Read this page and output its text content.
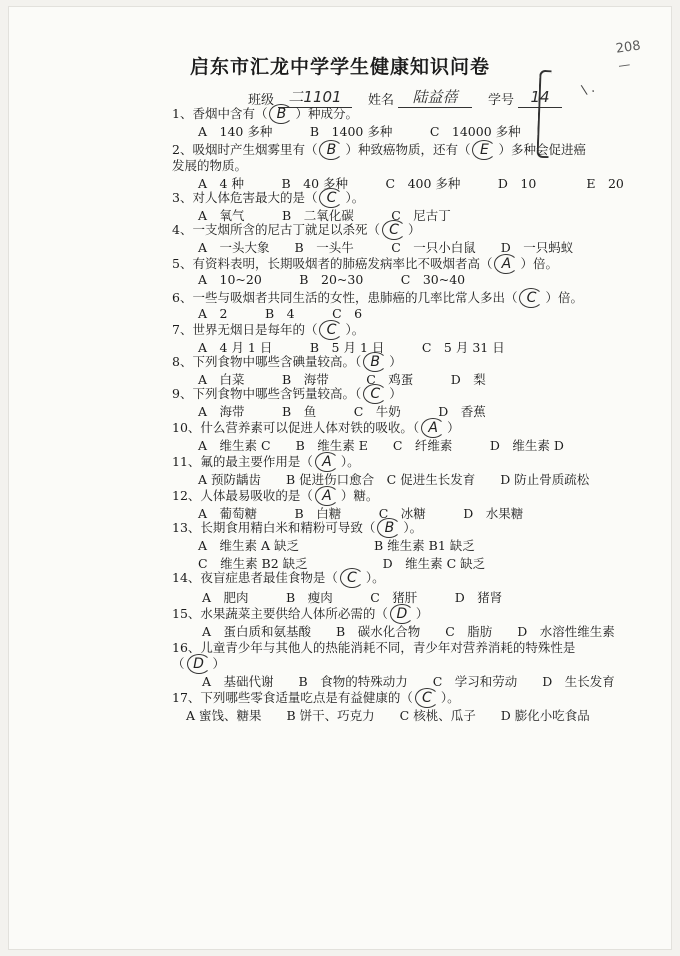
208
—
启东市汇龙中学学生健康知识问卷
班级 二1101	姓名	陆益蓓	学号	14	\ .
1、香烟中含有（ B ）种成分。
A　140 多种　　　B　1400 多种　　　C　14000 多种
2、吸烟时产生烟雾里有（ B ）种致癌物质，还有（ E ）多种会促进癌
发展的物质。
A　4 种　　　B　40 多种　　　C　400 多种　　　D　10　　　　E　20
3、对人体危害最大的是（ C ）。
A　氧气　　　B　二氧化碳　　　C　尼古丁
4、一支烟所含的尼古丁就足以杀死（ C ）
A　一头大象　　B　一头牛　　　C　一只小白鼠　　D　一只蚂蚁
5、有资料表明，长期吸烟者的肺癌发病率比不吸烟者高（ A ）倍。
A　10~20　　　B　20~30　　　C　30~40
6、一些与吸烟者共同生活的女性，患肺癌的几率比常人多出（ C ）倍。
A　2　　　B　4　　　C　6
7、世界无烟日是每年的（ C ）。
A　4 月 1 日　　　B　5 月 1 日　　　C　5 月 31 日
8、下列食物中哪些含碘量较高。（ B ）
A　白菜　　　B　海带　　　C　鸡蛋　　　D　梨
9、下列食物中哪些含钙量较高。（ C ）
A　海带　　　B　鱼　　　C　牛奶　　　D　香蕉
10、什么营养素可以促进人体对铁的吸收。（ A ）
A　维生素 C　　B　维生素 E　　C　纤维素　　　D　维生素 D
11、氟的最主要作用是（ A ）。
A 预防龋齿　　B 促进伤口愈合　C 促进生长发育　　D 防止骨质疏松
12、人体最易吸收的是（ A ）糖。
A　葡萄糖　　　B　白糖　　　C　冰糖　　　D　水果糖
13、长期食用精白米和精粉可导致（ B ）。
A　维生素 A 缺乏　　　　　　B 维生素 B1 缺乏
C　维生素 B2 缺乏　　　　　　D　维生素 C 缺乏
14、夜盲症患者最佳食物是（ C ）。
A　肥肉　　　B　瘦肉　　　C　猪肝　　　D　猪肾
15、水果蔬菜主要供给人体所必需的（ D ）
A　蛋白质和氨基酸　　B　碳水化合物　　C　脂肪　　D　水溶性维生素
16、儿童青少年与其他人的热能消耗不同，青少年对营养消耗的特殊性是
（ D ）
A　基础代谢　　B　食物的特殊动力　　C　学习和劳动　　D　生长发育
17、下列哪些零食适量吃点是有益健康的（ C ）。
A 蜜饯、糖果　　B 饼干、巧克力　　C 核桃、瓜子　　D 膨化小吃食品
